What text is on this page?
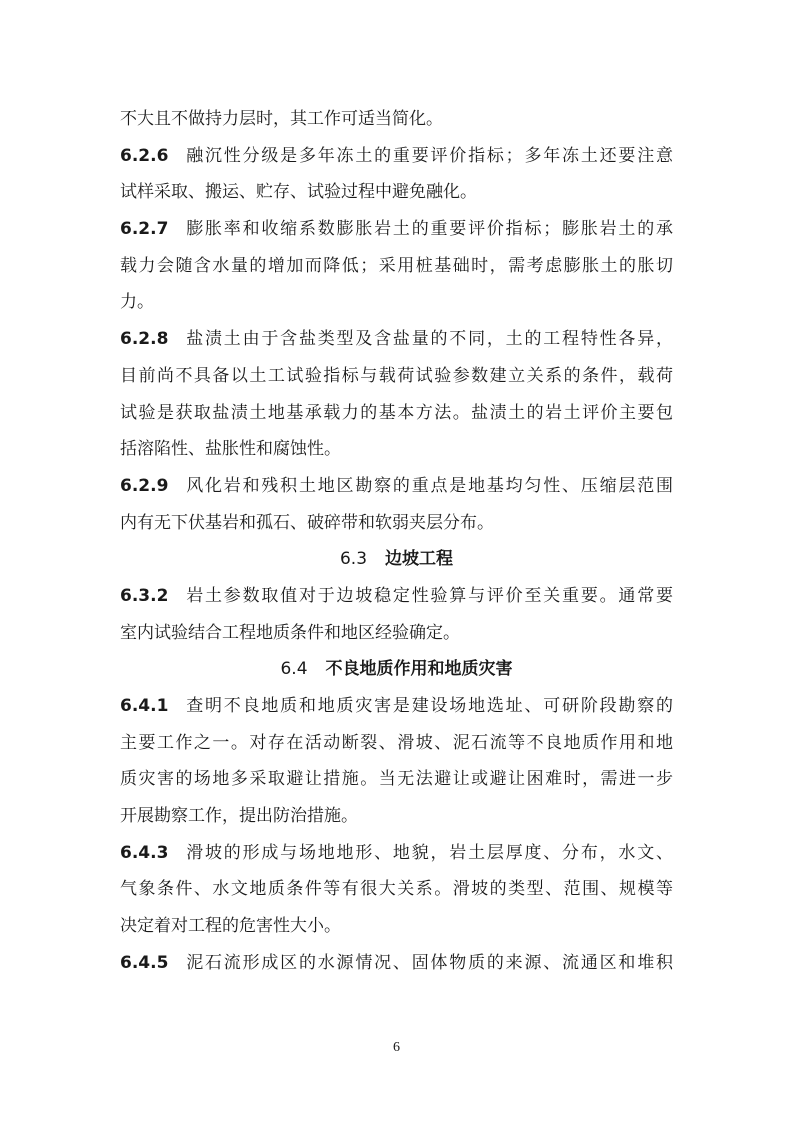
不大且不做持力层时，其工作可适当简化。
6.2.6 融沉性分级是多年冻土的重要评价指标；多年冻土还要注意
试样采取、搬运、贮存、试验过程中避免融化。
6.2.7 膨胀率和收缩系数膨胀岩土的重要评价指标；膨胀岩土的承
载力会随含水量的增加而降低；采用桩基础时，需考虑膨胀土的胀切
力。
6.2.8 盐渍土由于含盐类型及含盐量的不同，土的工程特性各异，
目前尚不具备以土工试验指标与载荷试验参数建立关系的条件，载荷
试验是获取盐渍土地基承载力的基本方法。盐渍土的岩土评价主要包
括溶陷性、盐胀性和腐蚀性。
6.2.9 风化岩和残积土地区勘察的重点是地基均匀性、压缩层范围
内有无下伏基岩和孤石、破碎带和软弱夹层分布。
6.3 边坡工程
6.3.2 岩土参数取值对于边坡稳定性验算与评价至关重要。通常要
室内试验结合工程地质条件和地区经验确定。
6.4 不良地质作用和地质灾害
6.4.1 查明不良地质和地质灾害是建设场地选址、可研阶段勘察的
主要工作之一。对存在活动断裂、滑坡、泥石流等不良地质作用和地
质灾害的场地多采取避让措施。当无法避让或避让困难时，需进一步
开展勘察工作，提出防治措施。
6.4.3 滑坡的形成与场地地形、地貌，岩土层厚度、分布，水文、
气象条件、水文地质条件等有很大关系。滑坡的类型、范围、规模等
决定着对工程的危害性大小。
6.4.5 泥石流形成区的水源情况、固体物质的来源、流通区和堆积
6
